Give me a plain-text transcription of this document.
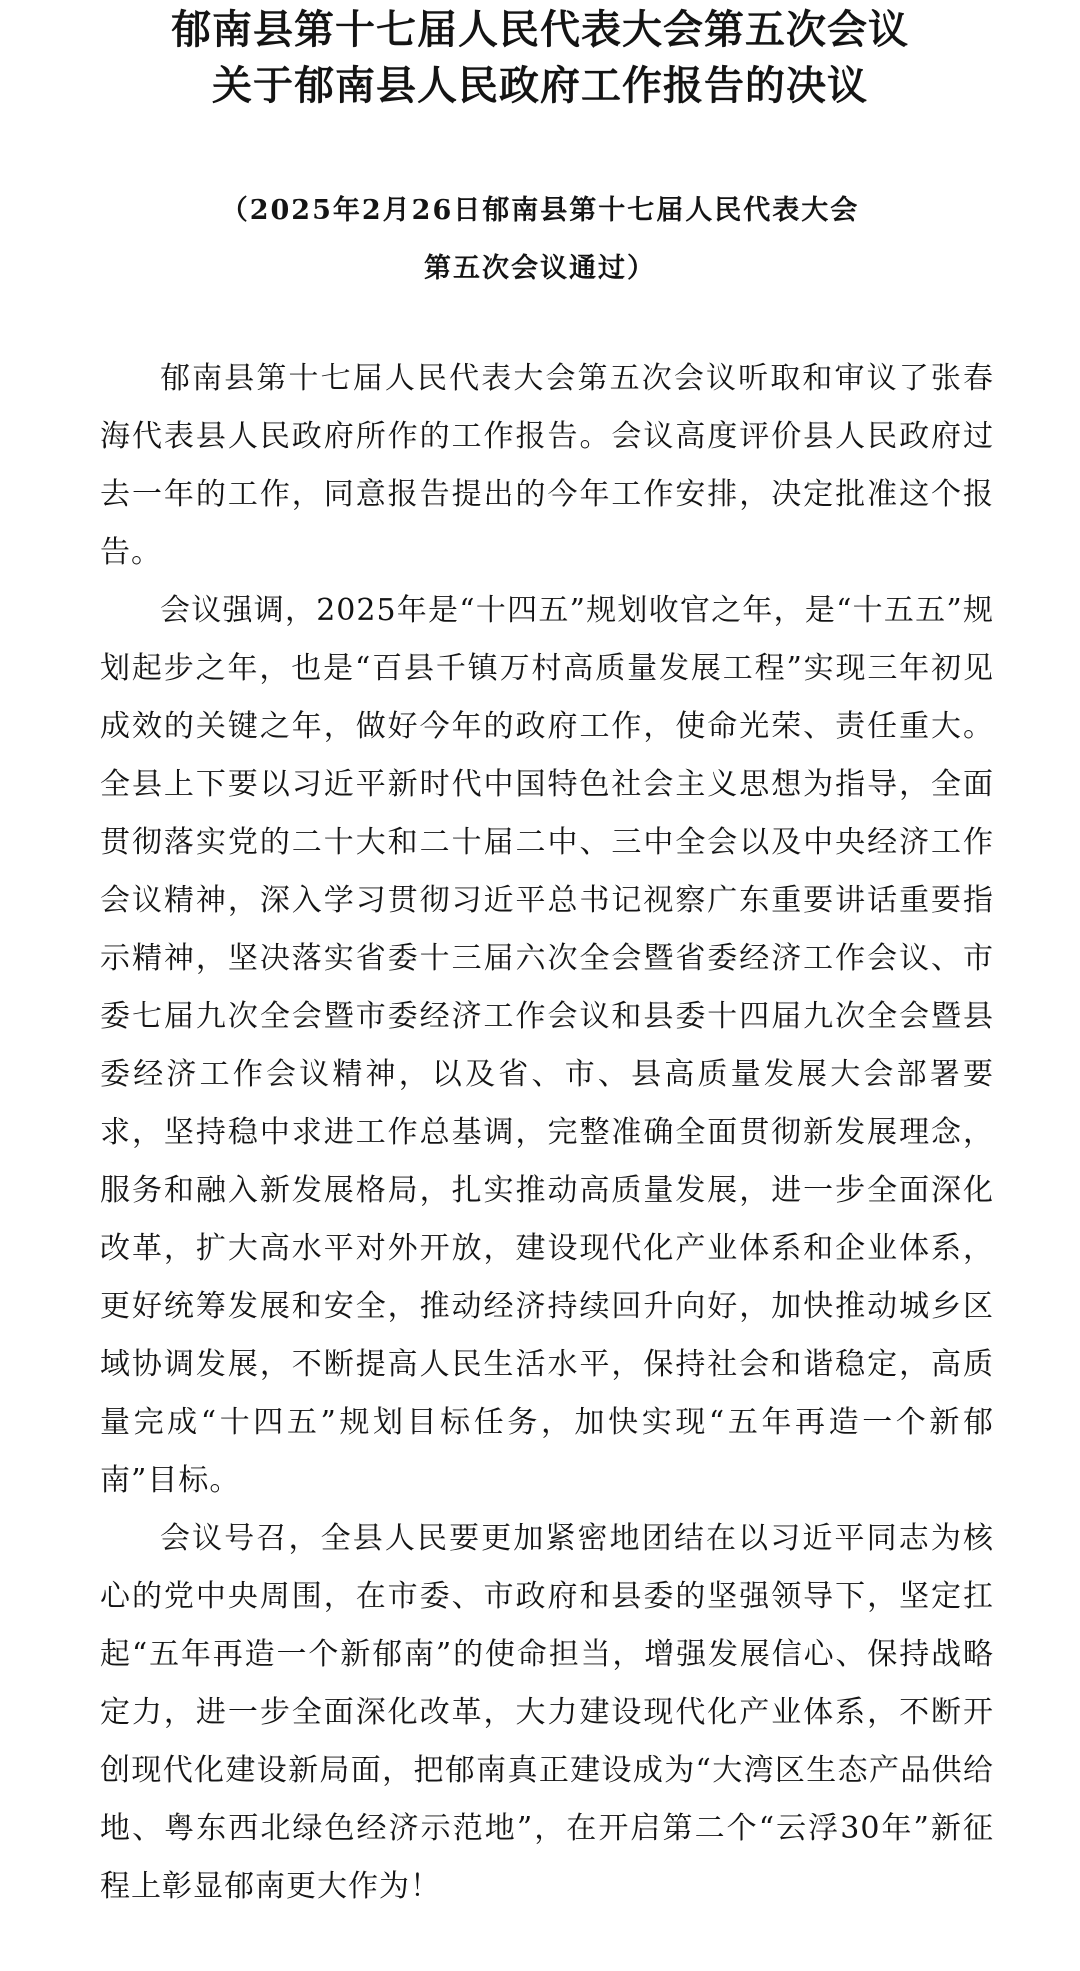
郁南县第十七届人民代表大会第五次会议
关于郁南县人民政府工作报告的决议
（2025年2月26日郁南县第十七届人民代表大会
第五次会议通过）

郁南县第十七届人民代表大会第五次会议听取和审议了张春海代表县人民政府所作的工作报告。会议高度评价县人民政府过去一年的工作，同意报告提出的今年工作安排，决定批准这个报告。

会议强调，2025年是“十四五”规划收官之年，是“十五五”规划起步之年，也是“百县千镇万村高质量发展工程”实现三年初见成效的关键之年，做好今年的政府工作，使命光荣、责任重大。全县上下要以习近平新时代中国特色社会主义思想为指导，全面贯彻落实党的二十大和二十届二中、三中全会以及中央经济工作会议精神，深入学习贯彻习近平总书记视察广东重要讲话重要指示精神，坚决落实省委十三届六次全会暨省委经济工作会议、市委七届九次全会暨市委经济工作会议和县委十四届九次全会暨县委经济工作会议精神，以及省、市、县高质量发展大会部署要求，坚持稳中求进工作总基调，完整准确全面贯彻新发展理念，服务和融入新发展格局，扎实推动高质量发展，进一步全面深化改革，扩大高水平对外开放，建设现代化产业体系和企业体系，更好统筹发展和安全，推动经济持续回升向好，加快推动城乡区域协调发展，不断提高人民生活水平，保持社会和谐稳定，高质量完成“十四五”规划目标任务，加快实现“五年再造一个新郁南”目标。

会议号召，全县人民要更加紧密地团结在以习近平同志为核心的党中央周围，在市委、市政府和县委的坚强领导下，坚定扛起“五年再造一个新郁南”的使命担当，增强发展信心、保持战略定力，进一步全面深化改革，大力建设现代化产业体系，不断开创现代化建设新局面，把郁南真正建设成为“大湾区生态产品供给地、粤东西北绿色经济示范地”，在开启第二个“云浮30年”新征程上彰显郁南更大作为！
